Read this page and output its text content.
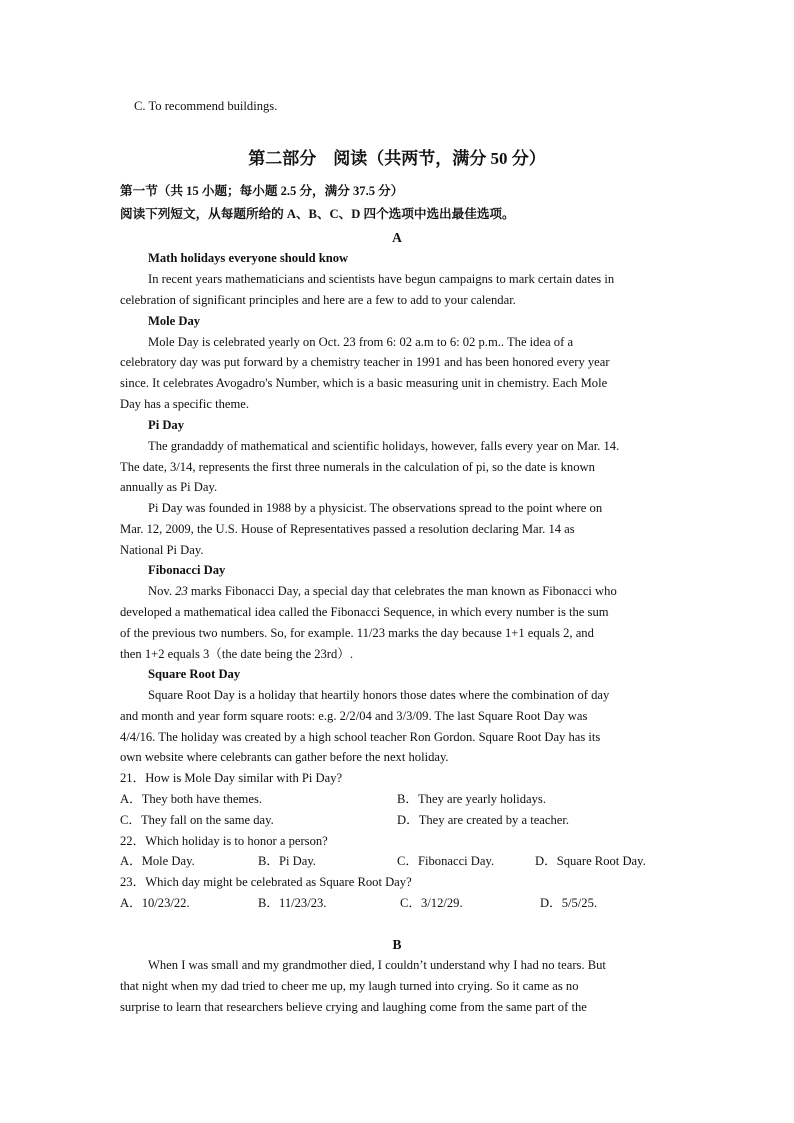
C. To recommend buildings.
第二部分　阅读（共两节，满分 50 分）
第一节（共 15 小题；每小题 2.5 分，满分 37.5 分）
阅读下列短文，从每题所给的 A、B、C、D 四个选项中选出最佳选项。
A
Math holidays everyone should know
In recent years mathematicians and scientists have begun campaigns to mark certain dates in
celebration of significant principles and here are a few to add to your calendar.
Mole Day
Mole Day is celebrated yearly on Oct. 23 from 6: 02 a.m to 6: 02 p.m.. The idea of a
celebratory day was put forward by a chemistry teacher in 1991 and has been honored every year
since. It celebrates Avogadro's Number, which is a basic measuring unit in chemistry. Each Mole
Day has a specific theme.
Pi Day
The grandaddy of mathematical and scientific holidays, however, falls every year on Mar. 14.
The date, 3/14, represents the first three numerals in the calculation of pi, so the date is known
annually as Pi Day.
Pi Day was founded in 1988 by a physicist. The observations spread to the point where on
Mar. 12, 2009, the U.S. House of Representatives passed a resolution declaring Mar. 14 as
National Pi Day.
Fibonacci Day
Nov. 23 marks Fibonacci Day, a special day that celebrates the man known as Fibonacci who
developed a mathematical idea called the Fibonacci Sequence, in which every number is the sum
of the previous two numbers. So, for example. 11/23 marks the day because 1+1 equals 2, and
then 1+2 equals 3（the date being the 23rd）.
Square Root Day
Square Root Day is a holiday that heartily honors those dates where the combination of day
and month and year form square roots: e.g. 2/2/04 and 3/3/09. The last Square Root Day was
4/4/16. The holiday was created by a high school teacher Ron Gordon. Square Root Day has its
own website where celebrants can gather before the next holiday.
21．How is Mole Day similar with Pi Day?
A．They both have themes.	B．They are yearly holidays.
C．They fall on the same day.	D．They are created by a teacher.
22．Which holiday is to honor a person?
A．Mole Day.	B．Pi Day.	C．Fibonacci Day.	D．Square Root Day.
23．Which day might be celebrated as Square Root Day?
A．10/23/22.	B．11/23/23.	C．3/12/29.	D．5/5/25.
B
When I was small and my grandmother died, I couldn’t understand why I had no tears. But
that night when my dad tried to cheer me up, my laugh turned into crying. So it came as no
surprise to learn that researchers believe crying and laughing come from the same part of the
